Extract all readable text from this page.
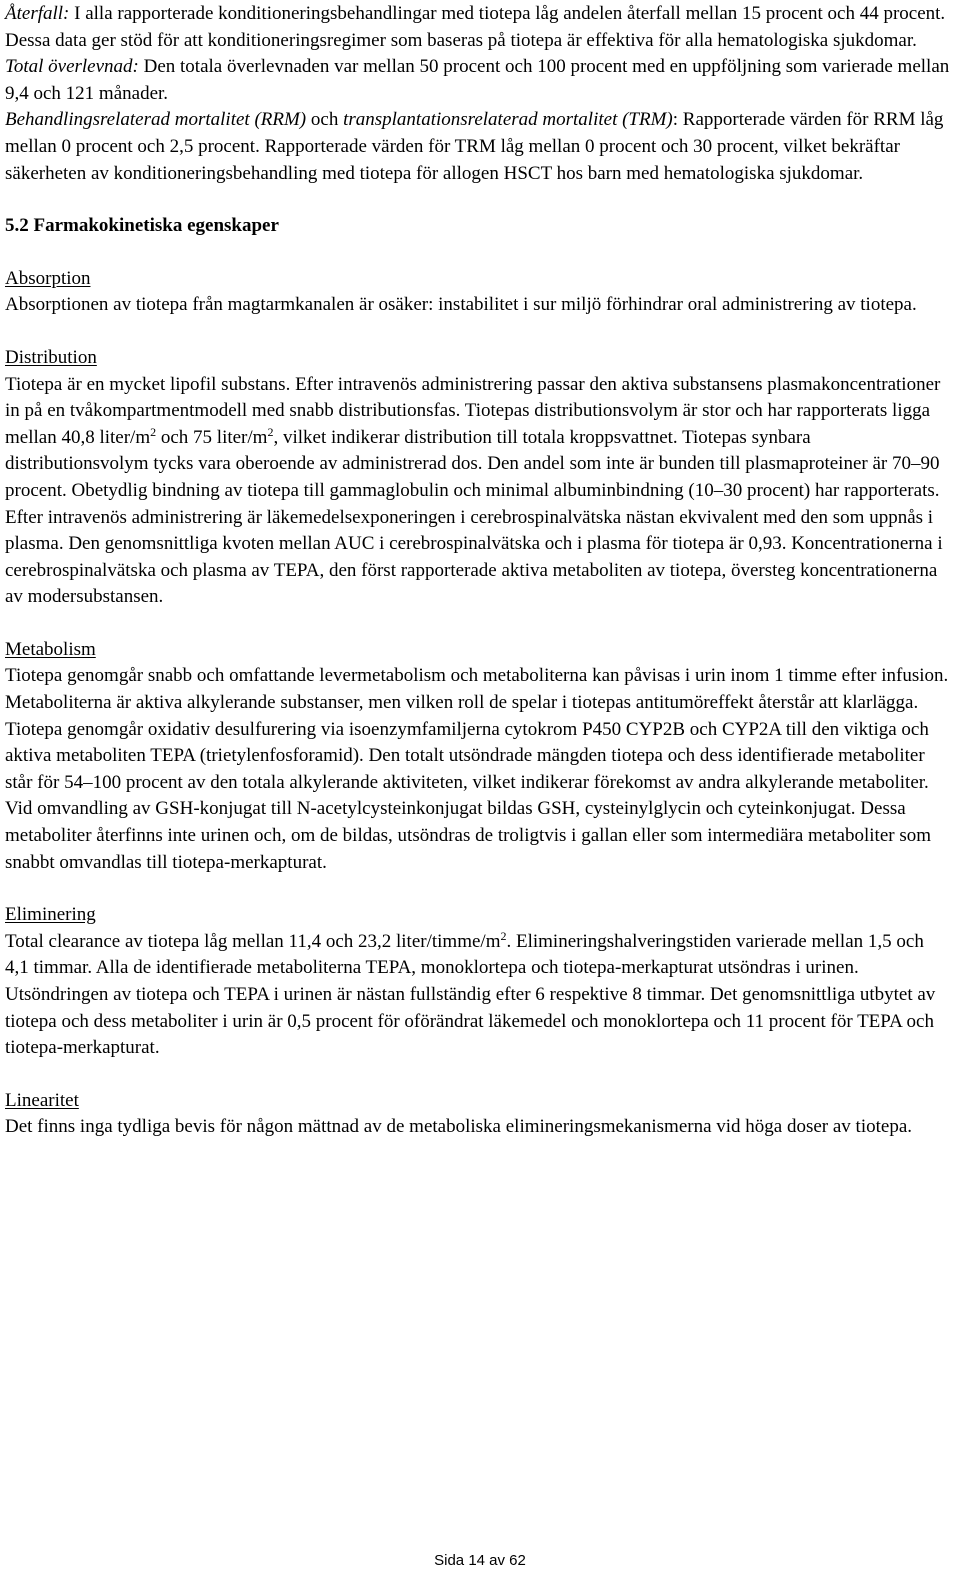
Återfall: I alla rapporterade konditioneringsbehandlingar med tiotepa låg andelen återfall mellan 15 procent och 44 procent. Dessa data ger stöd för att konditioneringsregimer som baseras på tiotepa är effektiva för alla hematologiska sjukdomar.

Total överlevnad: Den totala överlevnaden var mellan 50 procent och 100 procent med en uppföljning som varierade mellan 9,4 och 121 månader.

Behandlingsrelaterad mortalitet (RRM) och transplantationsrelaterad mortalitet (TRM): Rapporterade värden för RRM låg mellan 0 procent och 2,5 procent. Rapporterade värden för TRM låg mellan 0 procent och 30 procent, vilket bekräftar säkerheten av konditioneringsbehandling med tiotepa för allogen HSCT hos barn med hematologiska sjukdomar.

5.2 Farmakokinetiska egenskaper

Absorption

Absorptionen av tiotepa från magtarmkanalen är osäker: instabilitet i sur miljö förhindrar oral administrering av tiotepa.

Distribution

Tiotepa är en mycket lipofil substans. Efter intravenös administrering passar den aktiva substansens plasmakoncentrationer in på en tvåkompartmentmodell med snabb distributionsfas. Tiotepas distributionsvolym är stor och har rapporterats ligga mellan 40,8 liter/$m^2$ och 75 liter/$m^2$, vilket indikerar distribution till totala kroppsvattnet. Tiotepas synbara distributionsvolym tycks vara oberoende av administrerad dos. Den andel som inte är bunden till plasmaproteiner är 70–90 procent. Obetydlig bindning av tiotepa till gammaglobulin och minimal albuminbindning (10–30 procent) har rapporterats.

Efter intravenös administrering är läkemedelsexponeringen i cerebrospinalvätska nästan ekvivalent med den som uppnås i plasma. Den genomsnittliga kvoten mellan AUC i cerebrospinalvätska och i plasma för tiotepa är 0,93. Koncentrationerna i cerebrospinalvätska och plasma av TEPA, den först rapporterade aktiva metaboliten av tiotepa, översteg koncentrationerna av modersubstansen.

Metabolism

Tiotepa genomgår snabb och omfattande levermetabolism och metaboliterna kan påvisas i urin inom 1 timme efter infusion. Metaboliterna är aktiva alkylerande substanser, men vilken roll de spelar i tiotepas antitumöreffekt återstår att klarlägga. Tiotepa genomgår oxidativ desulfurering via isoenzymfamiljerna cytokrom P450 CYP2B och CYP2A till den viktiga och aktiva metaboliten TEPA (trietylenfosforamid). Den totalt utsöndrade mängden tiotepa och dess identifierade metaboliter står för 54–100 procent av den totala alkylerande aktiviteten, vilket indikerar förekomst av andra alkylerande metaboliter. Vid omvandling av GSH-konjugat till N-acetylcysteinkonjugat bildas GSH, cysteinylglycin och cyteinkonjugat. Dessa metaboliter återfinns inte urinen och, om de bildas, utsöndras de troligtvis i gallan eller som intermediära metaboliter som snabbt omvandlas till tiotepa-merkapturat.

Eliminering

Total clearance av tiotepa låg mellan 11,4 och 23,2 liter/$timme/m^2$. Elimineringshalveringstiden varierade mellan 1,5 och 4,1 timmar. Alla de identifierade metaboliterna TEPA, monoklortepa och tiotepa-merkapturat utsöndras i urinen. Utsöndringen av tiotepa och TEPA i urinen är nästan fullständig efter 6 respektive 8 timmar. Det genomsnittliga utbytet av tiotepa och dess metaboliter i urin är 0,5 procent för oförändrat läkemedel och monoklortepa och 11 procent för TEPA och tiotepa-merkapturat.

Linearitet

Det finns inga tydliga bevis för någon mättnad av de metaboliska elimineringsmekanismerna vid höga doser av tiotepa.

Sida 14 av 62
